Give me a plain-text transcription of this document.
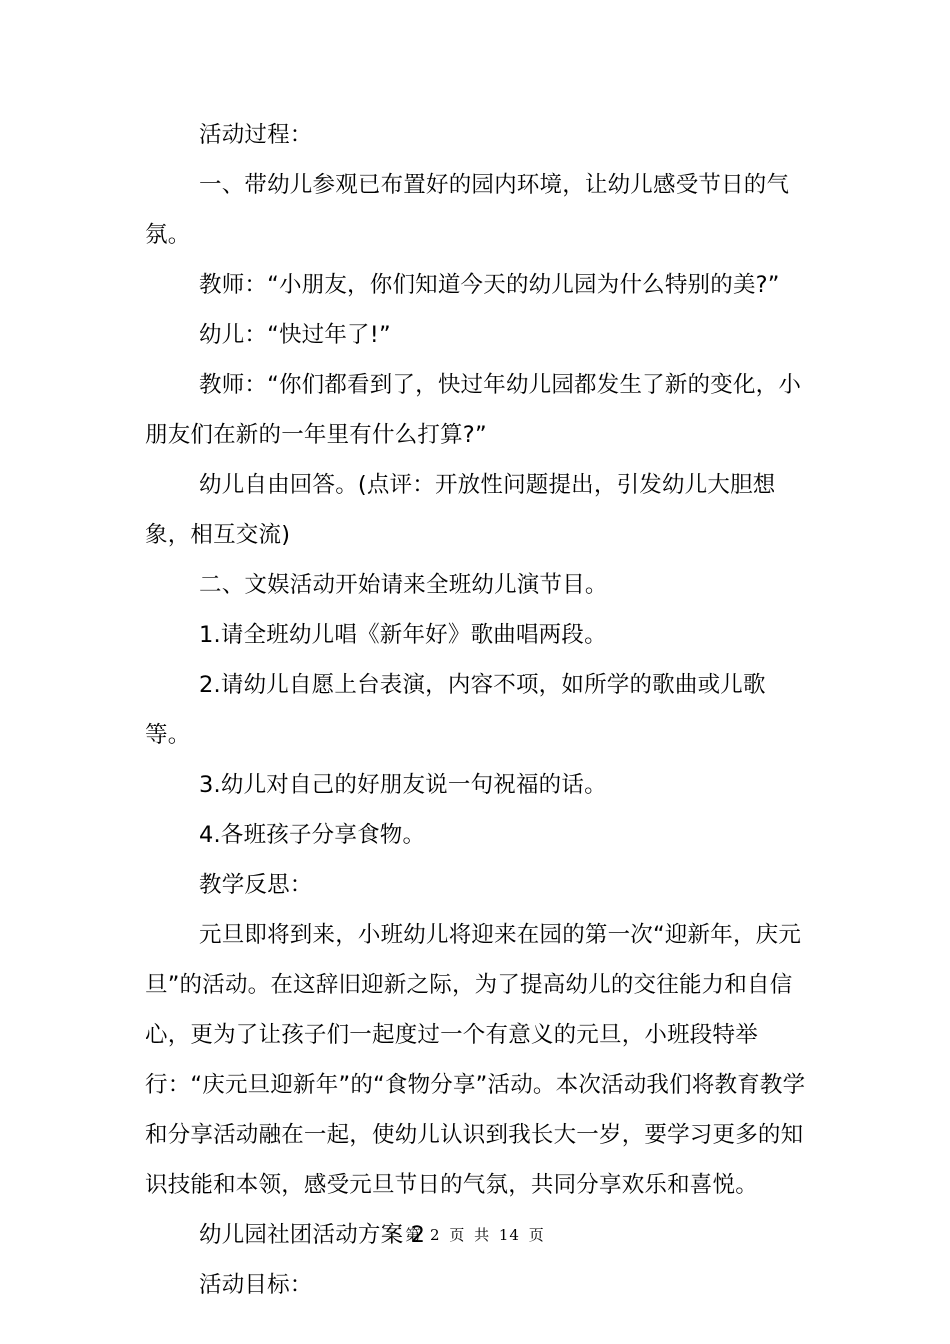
活动过程：

一、带幼儿参观已布置好的园内环境，让幼儿感受节日的气氛。

教师：“小朋友，你们知道今天的幼儿园为什么特别的美?”

幼儿：“快过年了!”

教师：“你们都看到了，快过年幼儿园都发生了新的变化，小朋友们在新的一年里有什么打算?”

幼儿自由回答。(点评：开放性问题提出，引发幼儿大胆想象，相互交流)

二、文娱活动开始请来全班幼儿演节目。

1.请全班幼儿唱《新年好》歌曲唱两段。

2.请幼儿自愿上台表演，内容不项，如所学的歌曲或儿歌等。

3.幼儿对自己的好朋友说一句祝福的话。

4.各班孩子分享食物。

教学反思：

元旦即将到来，小班幼儿将迎来在园的第一次“迎新年，庆元旦”的活动。在这辞旧迎新之际，为了提高幼儿的交往能力和自信心，更为了让孩子们一起度过一个有意义的元旦，小班段特举行：“庆元旦迎新年”的“食物分享”活动。本次活动我们将教育教学和分享活动融在一起，使幼儿认识到我长大一岁，要学习更多的知识技能和本领，感受元旦节日的气氛，共同分享欢乐和喜悦。

幼儿园社团活动方案 2

活动目标：

第 2 页 共 14 页
